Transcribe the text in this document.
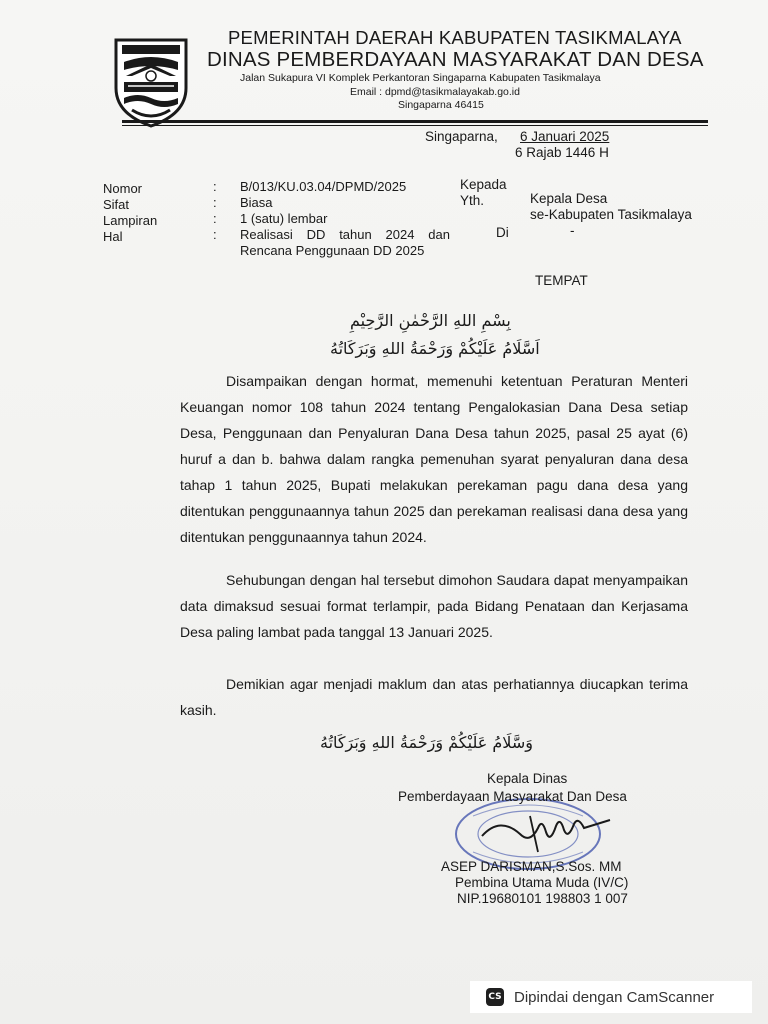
PEMERINTAH DAERAH KABUPATEN TASIKMALAYA
DINAS PEMBERDAYAAN MASYARAKAT DAN DESA
Jalan Sukapura VI Komplek Perkantoran Singaparna Kabupaten Tasikmalaya
Email : dpmd@tasikmalayakab.go.id
Singaparna 46415
Singaparna, 6 Januari 2025
6 Rajab 1446 H
Nomor	: B/013/KU.03.04/DPMD/2025
Sifat	: Biasa
Lampiran	: 1 (satu) lembar
Hal	: Realisasi DD tahun 2024 dan Rencana Penggunaan DD 2025
Kepada
Yth.	Kepala Desa
se-Kabupaten Tasikmalaya
Di	-
TEMPAT
بِسْمِ اللهِ الرَّحْمٰنِ الرَّحِيْمِ
اَسَّلَامُ عَلَيْكُمْ وَرَحْمَةُ اللهِ وَبَرَكَاتُهُ
Disampaikan dengan hormat, memenuhi ketentuan Peraturan Menteri Keuangan nomor 108 tahun 2024 tentang Pengalokasian Dana Desa setiap Desa, Penggunaan dan Penyaluran Dana Desa tahun 2025, pasal 25 ayat (6) huruf a dan b. bahwa dalam rangka pemenuhan syarat penyaluran dana desa tahap 1 tahun 2025, Bupati melakukan perekaman pagu dana desa yang ditentukan penggunaannya tahun 2025 dan perekaman realisasi dana desa yang ditentukan penggunaannya tahun 2024.
Sehubungan dengan hal tersebut dimohon Saudara dapat menyampaikan data dimaksud sesuai format terlampir, pada Bidang Penataan dan Kerjasama Desa paling lambat pada tanggal 13 Januari 2025.
Demikian agar menjadi maklum dan atas perhatiannya diucapkan terima kasih.
وَسَّلَامُ عَلَيْكُمْ وَرَحْمَةُ اللهِ وَبَرَكَاتُهُ
Kepala Dinas
Pemberdayaan Masyarakat Dan Desa
ASEP DARISMAN,S.Sos. MM
Pembina Utama Muda (IV/C)
NIP.19680101 198803 1 007
CS Dipindai dengan CamScanner
